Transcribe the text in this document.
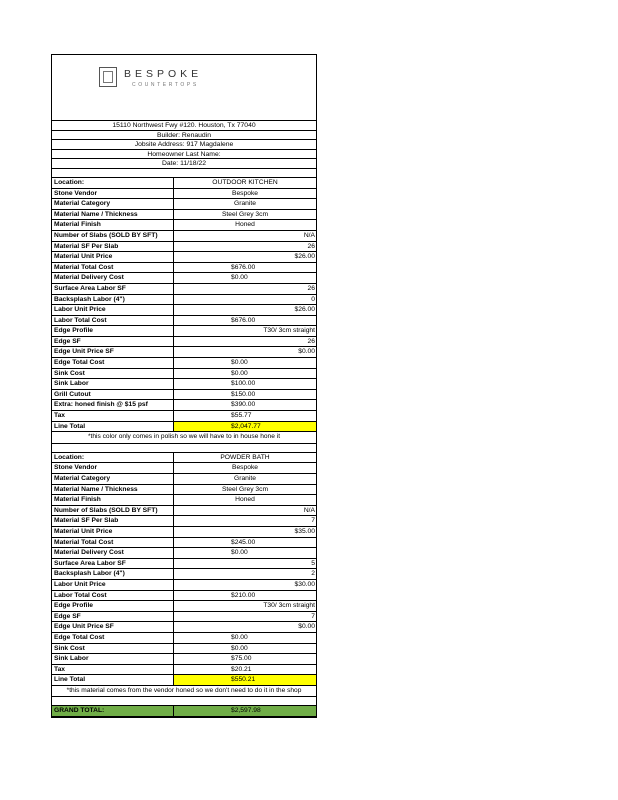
BESPOKE
COUNTERTOPS
15110 Northwest Fwy #120. Houston, Tx 77040
Builder: Renaudin
Jobsite Address: 917 Magdalene
Homeowner Last Name:
Date: 11/18/22
Location:	OUTDOOR KITCHEN
Stone Vendor	Bespoke
Material Category	Granite
Material Name / Thickness	Steel Grey 3cm
Material Finish	Honed
Number of Slabs (SOLD BY SFT)	N/A
Material SF Per Slab	26
Material Unit Price	$26.00
Material Total Cost	$676.00
Material Delivery Cost	$0.00
Surface Area Labor SF	26
Backsplash Labor (4")	0
Labor Unit Price	$26.00
Labor Total Cost	$676.00
Edge Profile	T30/ 3cm straight
Edge SF	26
Edge Unit Price SF	$0.00
Edge Total Cost	$0.00
Sink Cost	$0.00
Sink Labor	$100.00
Grill Cutout	$150.00
Extra: honed finish @ $15 psf	$390.00
Tax	$55.77
Line Total	$2,047.77
*this color only comes in polish so we will have to in house hone it
Location:	POWDER BATH
Stone Vendor	Bespoke
Material Category	Granite
Material Name / Thickness	Steel Grey 3cm
Material Finish	Honed
Number of Slabs (SOLD BY SFT)	N/A
Material SF Per Slab	7
Material Unit Price	$35.00
Material Total Cost	$245.00
Material Delivery Cost	$0.00
Surface Area Labor SF	5
Backsplash Labor (4")	2
Labor Unit Price	$30.00
Labor Total Cost	$210.00
Edge Profile	T30/ 3cm straight
Edge SF	7
Edge Unit Price SF	$0.00
Edge Total Cost	$0.00
Sink Cost	$0.00
Sink Labor	$75.00
Tax	$20.21
Line Total	$550.21
*this material comes from the vendor honed so we don't need to do it in the shop
GRAND TOTAL:	$2,597.98
